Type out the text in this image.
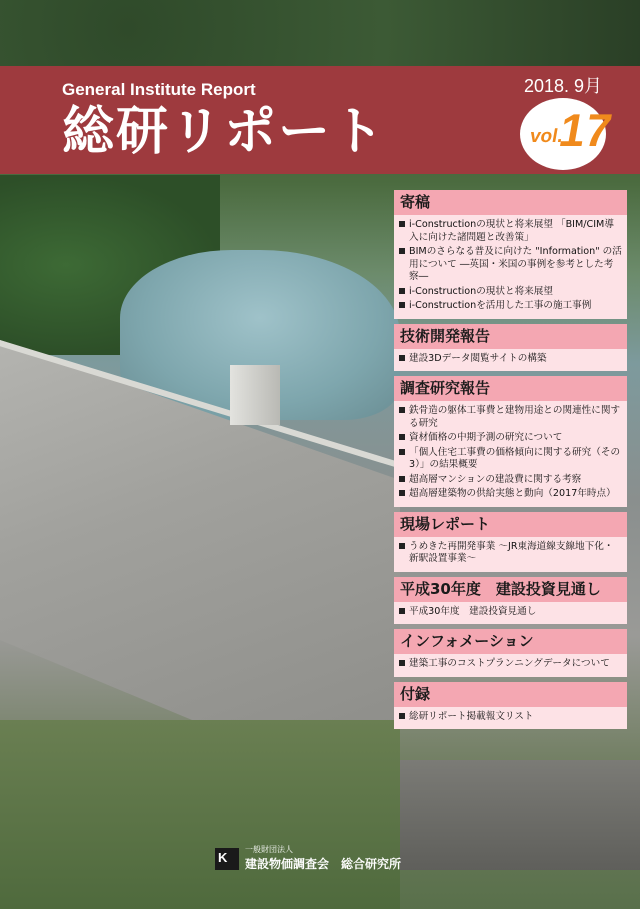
General Institute Report
総研リポート
2018. 9月
vol.
17
寄稿
i-Constructionの現状と将来展望 「BIM/CIM導入に向けた諸問題と改善策」
BIMのさらなる普及に向けた "Information" の活用について ―英国・米国の事例を参考とした考察―
i-Constructionの現状と将来展望
i-Constructionを活用した工事の施工事例
技術開発報告
建設3Dデータ閲覧サイトの構築
調査研究報告
鉄骨造の躯体工事費と建物用途との関連性に関する研究
資材価格の中期予測の研究について
「個人住宅工事費の価格傾向に関する研究（その3）」の結果概要
超高層マンションの建設費に関する考察
超高層建築物の供給実態と動向（2017年時点）
現場レポート
うめきた再開発事業 ～JR東海道線支線地下化・新駅設置事業～
平成30年度　建設投資見通し
平成30年度　建設投資見通し
インフォメーション
建築工事のコストプランニングデータについて
付録
総研リポート掲載報文リスト
K
一般財団法人
建設物価調査会　総合研究所
